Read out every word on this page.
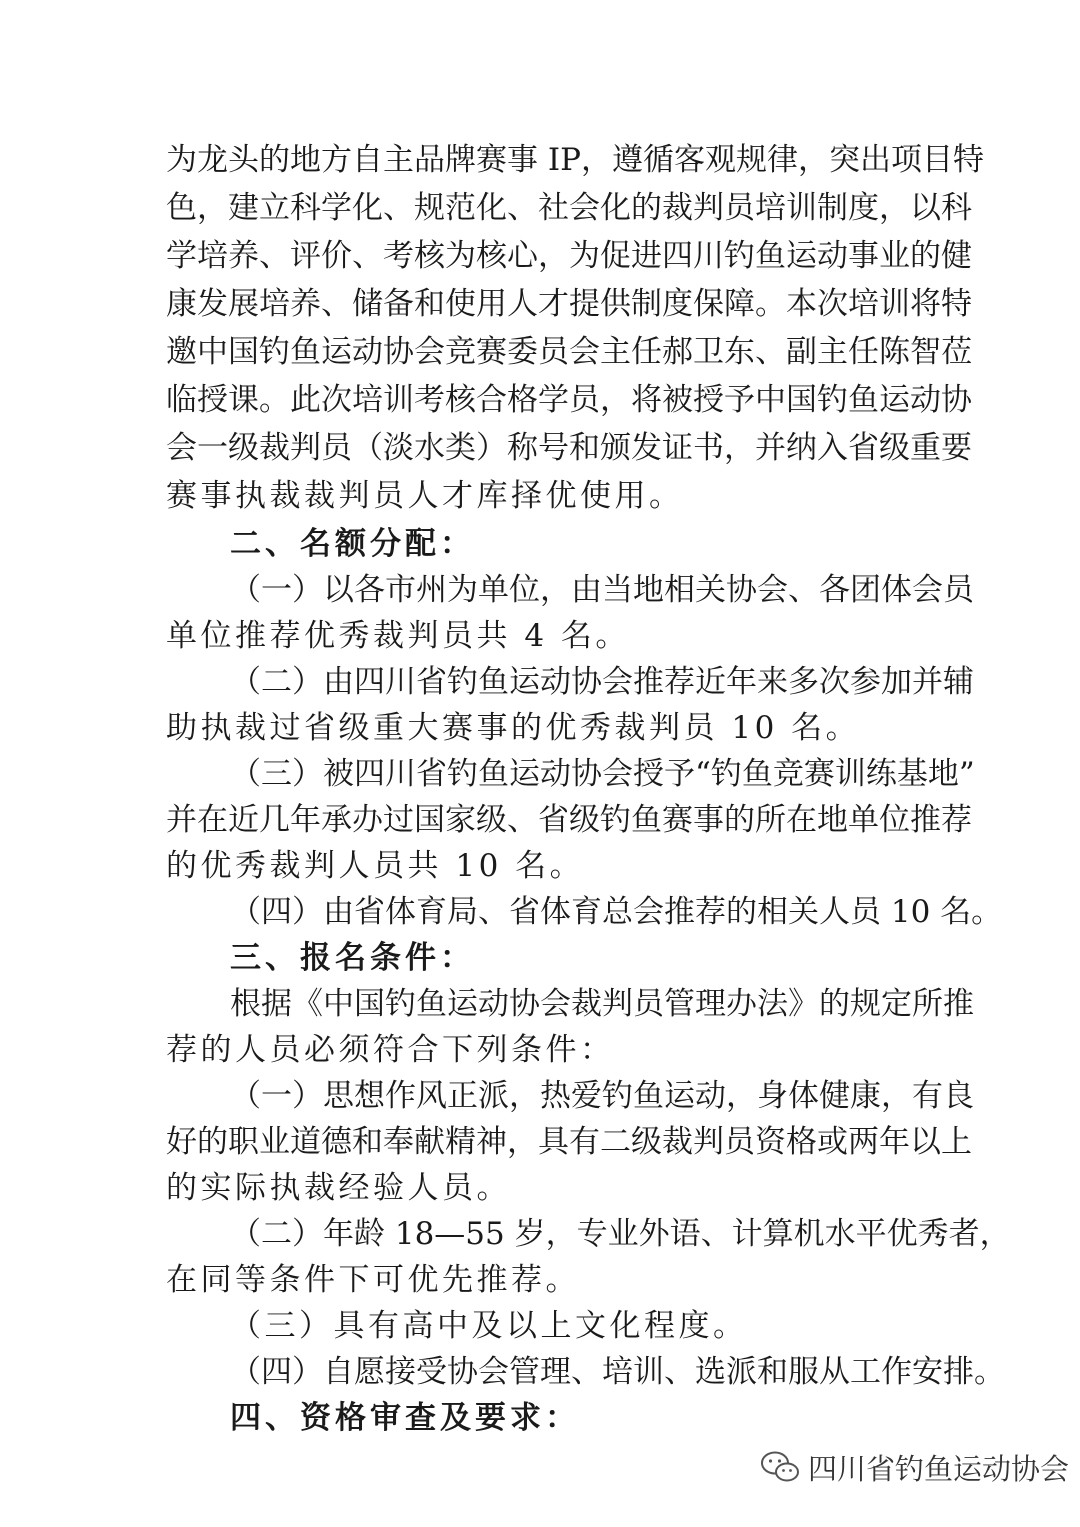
为龙头的地方自主品牌赛事 IP，遵循客观规律，突出项目特
色，建立科学化、规范化、社会化的裁判员培训制度，以科
学培养、评价、考核为核心，为促进四川钓鱼运动事业的健
康发展培养、储备和使用人才提供制度保障。本次培训将特
邀中国钓鱼运动协会竞赛委员会主任郝卫东、副主任陈智莅
临授课。此次培训考核合格学员，将被授予中国钓鱼运动协
会一级裁判员（淡水类）称号和颁发证书，并纳入省级重要
赛事执裁裁判员人才库择优使用。
二、名额分配：
（一）以各市州为单位，由当地相关协会、各团体会员
单位推荐优秀裁判员共 4 名。
（二）由四川省钓鱼运动协会推荐近年来多次参加并辅
助执裁过省级重大赛事的优秀裁判员 10 名。
（三）被四川省钓鱼运动协会授予“钓鱼竞赛训练基地”
并在近几年承办过国家级、省级钓鱼赛事的所在地单位推荐
的优秀裁判人员共 10 名。
（四）由省体育局、省体育总会推荐的相关人员 10 名。
三、报名条件：
根据《中国钓鱼运动协会裁判员管理办法》的规定所推
荐的人员必须符合下列条件：
（一）思想作风正派，热爱钓鱼运动，身体健康，有良
好的职业道德和奉献精神，具有二级裁判员资格或两年以上
的实际执裁经验人员。
（二）年龄 18—55 岁，专业外语、计算机水平优秀者，
在同等条件下可优先推荐。
（三）具有高中及以上文化程度。
（四）自愿接受协会管理、培训、选派和服从工作安排。
四、资格审查及要求：
四川省钓鱼运动协会
